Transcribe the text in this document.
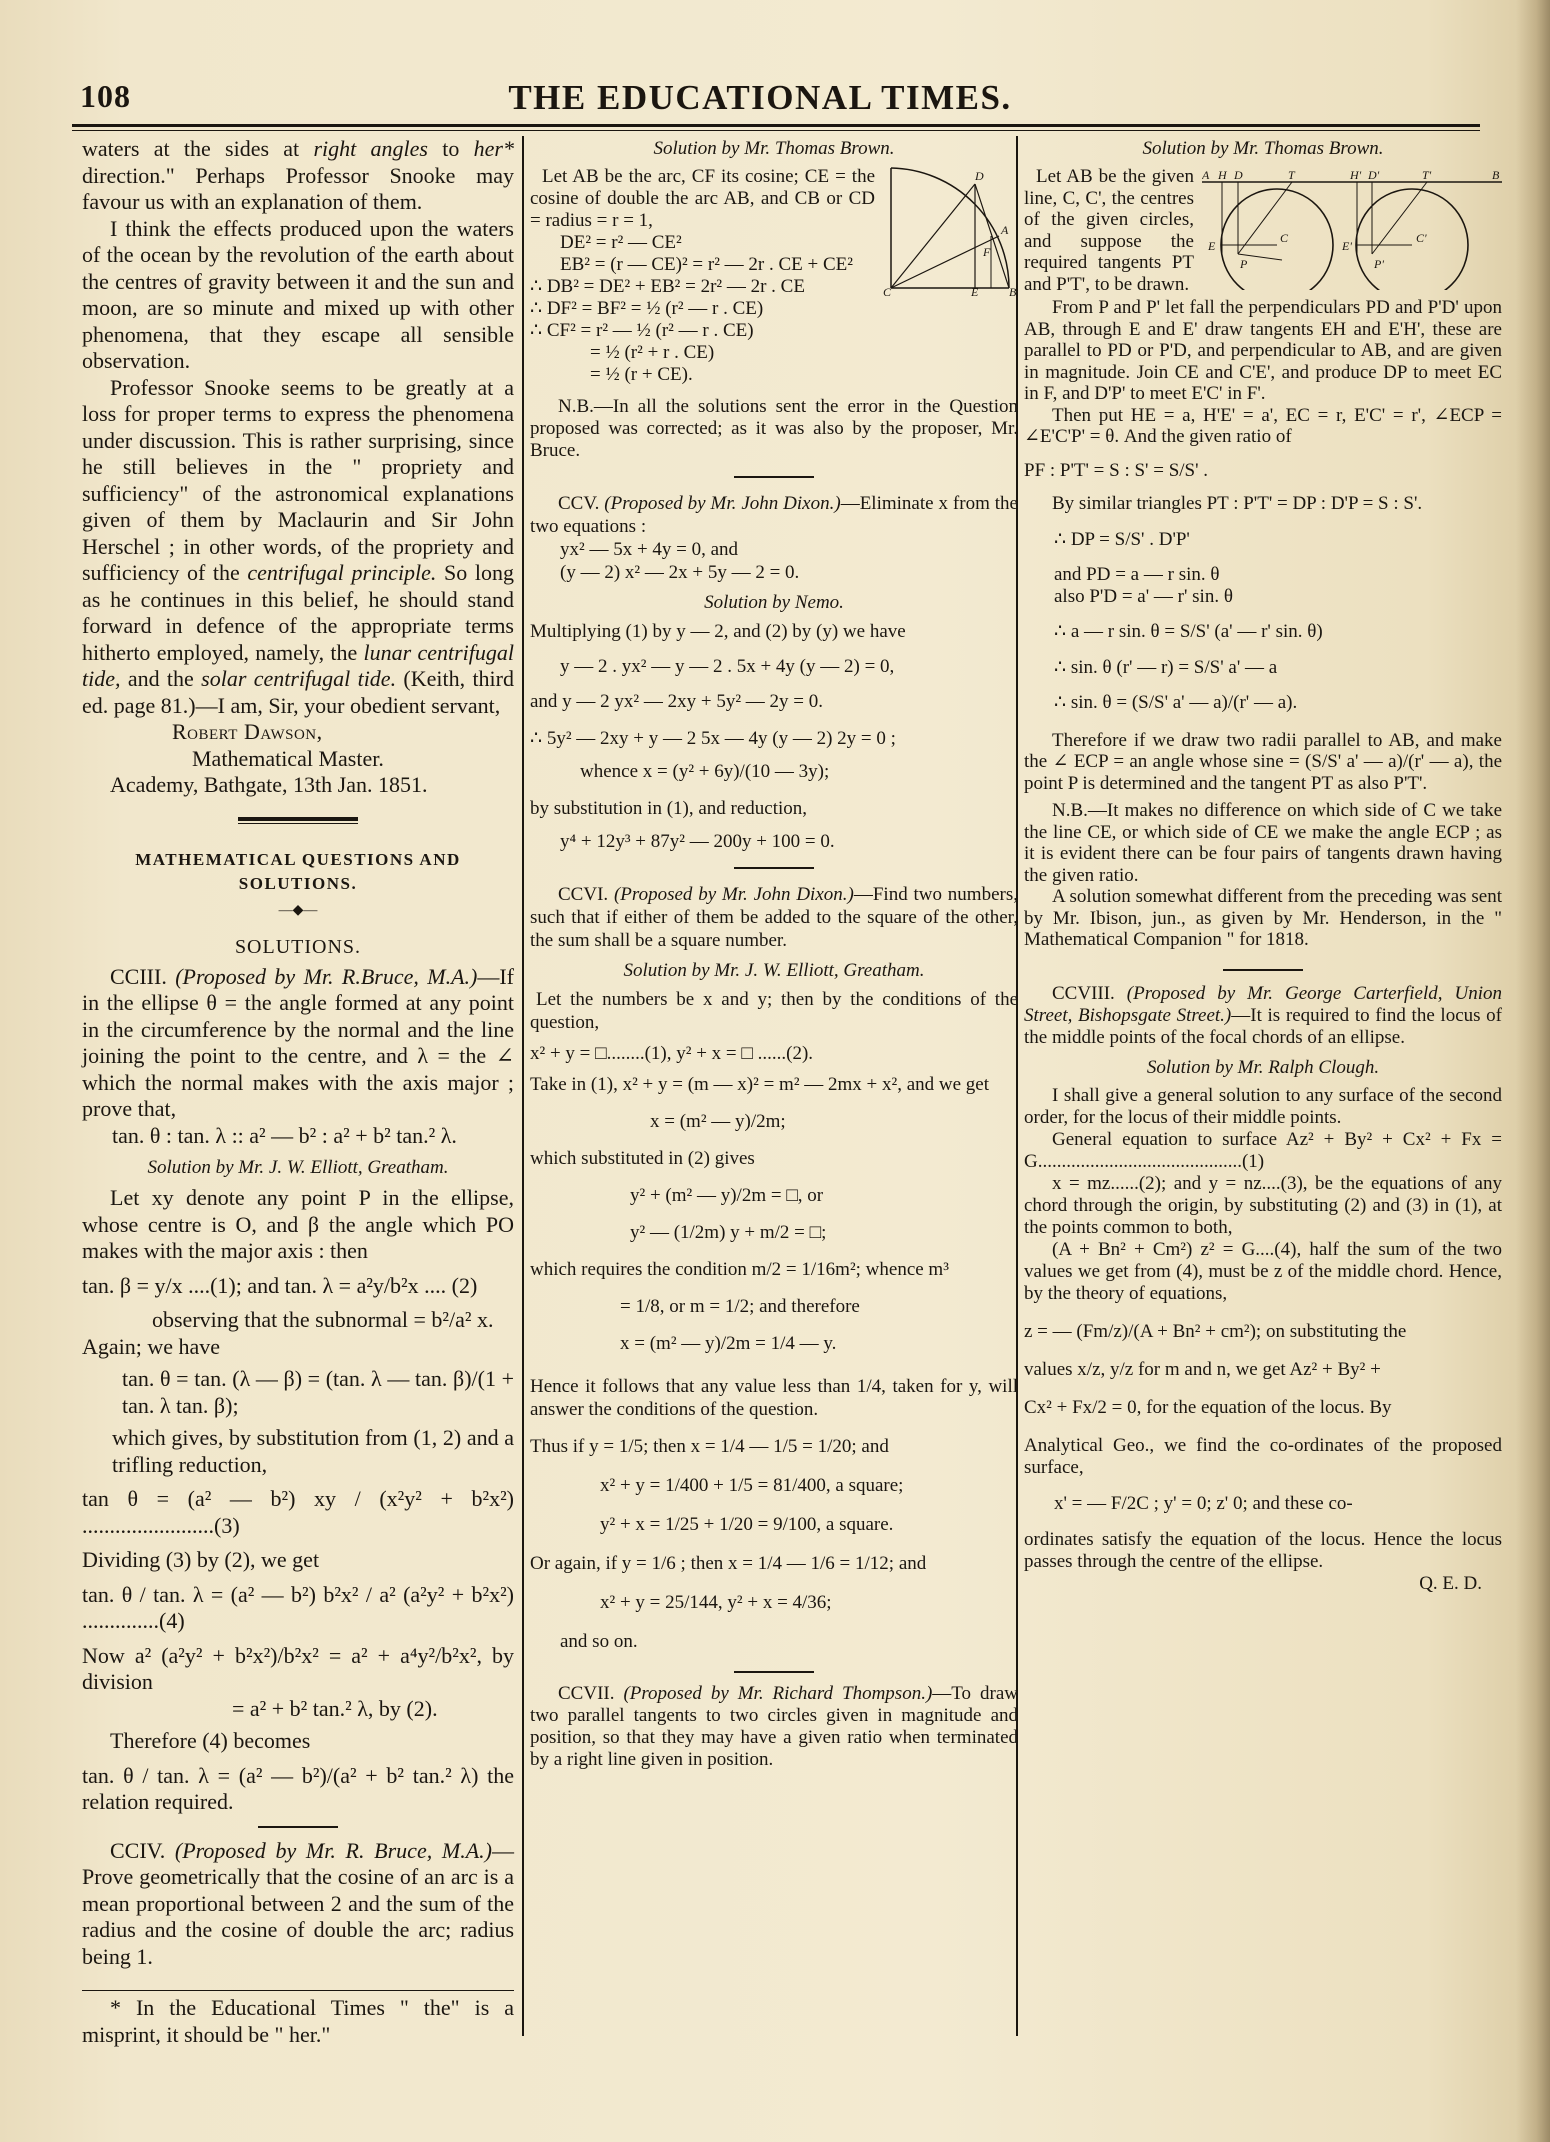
108	THE EDUCATIONAL TIMES.

waters at the sides at right angles to her* direction." Perhaps Professor Snooke may favour us with an explanation of them.

I think the effects produced upon the waters of the ocean by the revolution of the earth about the centres of gravity between it and the sun and moon, are so minute and mixed up with other phenomena, that they escape all sensible observation.

Professor Snooke seems to be greatly at a loss for proper terms to express the phenomena under discussion. This is rather surprising, since he still believes in the " propriety and sufficiency" of the astronomical explanations given of them by Maclaurin and Sir John Herschel ; in other words, of the propriety and sufficiency of the centrifugal principle. So long as he continues in this belief, he should stand forward in defence of the appropriate terms hitherto employed, namely, the lunar centrifugal tide, and the solar centrifugal tide. (Keith, third ed. page 81.)—I am, Sir, your obedient servant,

Robert Dawson,

Mathematical Master.

Academy, Bathgate, 13th Jan. 1851.

MATHEMATICAL QUESTIONS AND SOLUTIONS.
—◆—
SOLUTIONS.

CCIII. (Proposed by Mr. R.Bruce, M.A.)—If in the ellipse θ = the angle formed at any point in the circumference by the normal and the line joining the point to the centre, and λ = the ∠ which the normal makes with the axis major ; prove that,

tan. θ : tan. λ :: a² — b² : a² + b² tan.² λ.

Solution by Mr. J. W. Elliott, Greatham.

Let xy denote any point P in the ellipse, whose centre is O, and β the angle which PO makes with the major axis : then

tan. β = y/x ....(1); and tan. λ = a²y/b²x .... (2)

observing that the subnormal = b²/a² x.

Again; we have

tan. θ = tan. (λ — β) = (tan. λ — tan. β)/(1 + tan. λ tan. β);

which gives, by substitution from (1, 2) and a trifling reduction,

tan θ = (a² — b²) xy / (x²y² + b²x²) ........................(3)

Dividing (3) by (2), we get

tan. θ / tan. λ = (a² — b²) b²x² / a² (a²y² + b²x²) ..............(4)

Now a² (a²y² + b²x²)/b²x² = a² + a⁴y²/b²x², by division

= a² + b² tan.² λ, by (2).

Therefore (4) becomes

tan. θ / tan. λ = (a² — b²)/(a² + b² tan.² λ) the relation required.

CCIV. (Proposed by Mr. R. Bruce, M.A.)—Prove geometrically that the cosine of an arc is a mean proportional between 2 and the sum of the radius and the cosine of double the arc; radius being 1.

* In the Educational Times " the" is a misprint, it should be " her."

Solution by Mr. Thomas Brown.
D
A
F
C	E	B

Let AB be the arc, CF its cosine; CE = the cosine of double the arc AB, and CB or CD = radius = r = 1,

DE² = r² — CE²

EB² = (r — CE)² = r² — 2r . CE + CE²

∴ DB² = DE² + EB² = 2r² — 2r . CE

∴ DF² = BF² = ½ (r² — r . CE)

∴ CF² = r² — ½ (r² — r . CE)

= ½ (r² + r . CE)

= ½ (r + CE).

N.B.—In all the solutions sent the error in the Question proposed was corrected; as it was also by the proposer, Mr. Bruce.

CCV. (Proposed by Mr. John Dixon.)—Eliminate x from the two equations :

yx² — 5x + 4y = 0, and

(y — 2) x² — 2x + 5y — 2 = 0.

Solution by Nemo.

Multiplying (1) by y — 2, and (2) by (y) we have

y — 2 . yx² — y — 2 . 5x + 4y (y — 2) = 0,

and y — 2 yx² — 2xy + 5y² — 2y = 0.

∴ 5y² — 2xy + y — 2 5x — 4y (y — 2) 2y = 0 ;

whence x = (y² + 6y)/(10 — 3y);

by substitution in (1), and reduction,

y⁴ + 12y³ + 87y² — 200y + 100 = 0.

CCVI. (Proposed by Mr. John Dixon.)—Find two numbers, such that if either of them be added to the square of the other, the sum shall be a square number.

Solution by Mr. J. W. Elliott, Greatham.

Let the numbers be x and y; then by the conditions of the question,

x² + y = □........(1), y² + x = □ ......(2).

Take in (1), x² + y = (m — x)² = m² — 2mx + x², and we get

x = (m² — y)/2m;

which substituted in (2) gives

y² + (m² — y)/2m = □, or

y² — (1/2m) y + m/2 = □;

which requires the condition m/2 = 1/16m²; whence m³

= 1/8, or m = 1/2; and therefore

x = (m² — y)/2m = 1/4 — y.

Hence it follows that any value less than 1/4, taken for y, will answer the conditions of the question.

Thus if y = 1/5; then x = 1/4 — 1/5 = 1/20; and

x² + y = 1/400 + 1/5 = 81/400, a square;

y² + x = 1/25 + 1/20 = 9/100, a square.

Or again, if y = 1/6 ; then x = 1/4 — 1/6 = 1/12; and

x² + y = 25/144, y² + x = 4/36;

and so on.

CCVII. (Proposed by Mr. Richard Thompson.)—To draw two parallel tangents to two circles given in magnitude and position, so that they may have a given ratio when terminated by a right line given in position.

Solution by Mr. Thomas Brown.
A H D	T	H' D'	T'	B
E
P
C
E'
P'
C'

Let AB be the given line, C, C', the centres of the given circles, and suppose the required tangents PT and P'T', to be drawn.

From P and P' let fall the perpendiculars PD and P'D' upon AB, through E and E' draw tangents EH and E'H', these are parallel to PD or P'D, and perpendicular to AB, and are given in magnitude. Join CE and C'E', and produce DP to meet EC in F, and D'P' to meet E'C' in F'.

Then put HE = a, H'E' = a', EC = r, E'C' = r', ∠ECP = ∠E'C'P' = θ. And the given ratio of

PF : P'T' = S : S' = S/S' .

By similar triangles PT : P'T' = DP : D'P = S : S'.

∴ DP = S/S' . D'P'

and PD = a — r sin. θ

also P'D = a' — r' sin. θ

∴ a — r sin. θ = S/S' (a' — r' sin. θ)

∴ sin. θ (r' — r) = S/S' a' — a

∴ sin. θ = (S/S' a' — a)/(r' — a).

Therefore if we draw two radii parallel to AB, and make the ∠ ECP = an angle whose sine = (S/S' a' — a)/(r' — a), the point P is determined and the tangent PT as also P'T'.

N.B.—It makes no difference on which side of C we take the line CE, or which side of CE we make the angle ECP ; as it is evident there can be four pairs of tangents drawn having the given ratio.

A solution somewhat different from the preceding was sent by Mr. Ibison, jun., as given by Mr. Henderson, in the " Mathematical Companion " for 1818.

CCVIII. (Proposed by Mr. George Carterfield, Union Street, Bishopsgate Street.)—It is required to find the locus of the middle points of the focal chords of an ellipse.

Solution by Mr. Ralph Clough.

I shall give a general solution to any surface of the second order, for the locus of their middle points.

General equation to surface Az² + By² + Cx² + Fx = G...........................................(1)

x = mz......(2); and y = nz....(3), be the equations of any chord through the origin, by substituting (2) and (3) in (1), at the points common to both,

(A + Bn² + Cm²) z² = G....(4), half the sum of the two values we get from (4), must be z of the middle chord. Hence, by the theory of equations,

z = — (Fm/z)/(A + Bn² + cm²); on substituting the

values x/z, y/z for m and n, we get Az² + By² +

Cx² + Fx/2 = 0, for the equation of the locus. By

Analytical Geo., we find the co-ordinates of the proposed surface,

x' = — F/2C ; y' = 0; z' 0; and these co-

ordinates satisfy the equation of the locus. Hence the locus passes through the centre of the ellipse.

Q. E. D.
